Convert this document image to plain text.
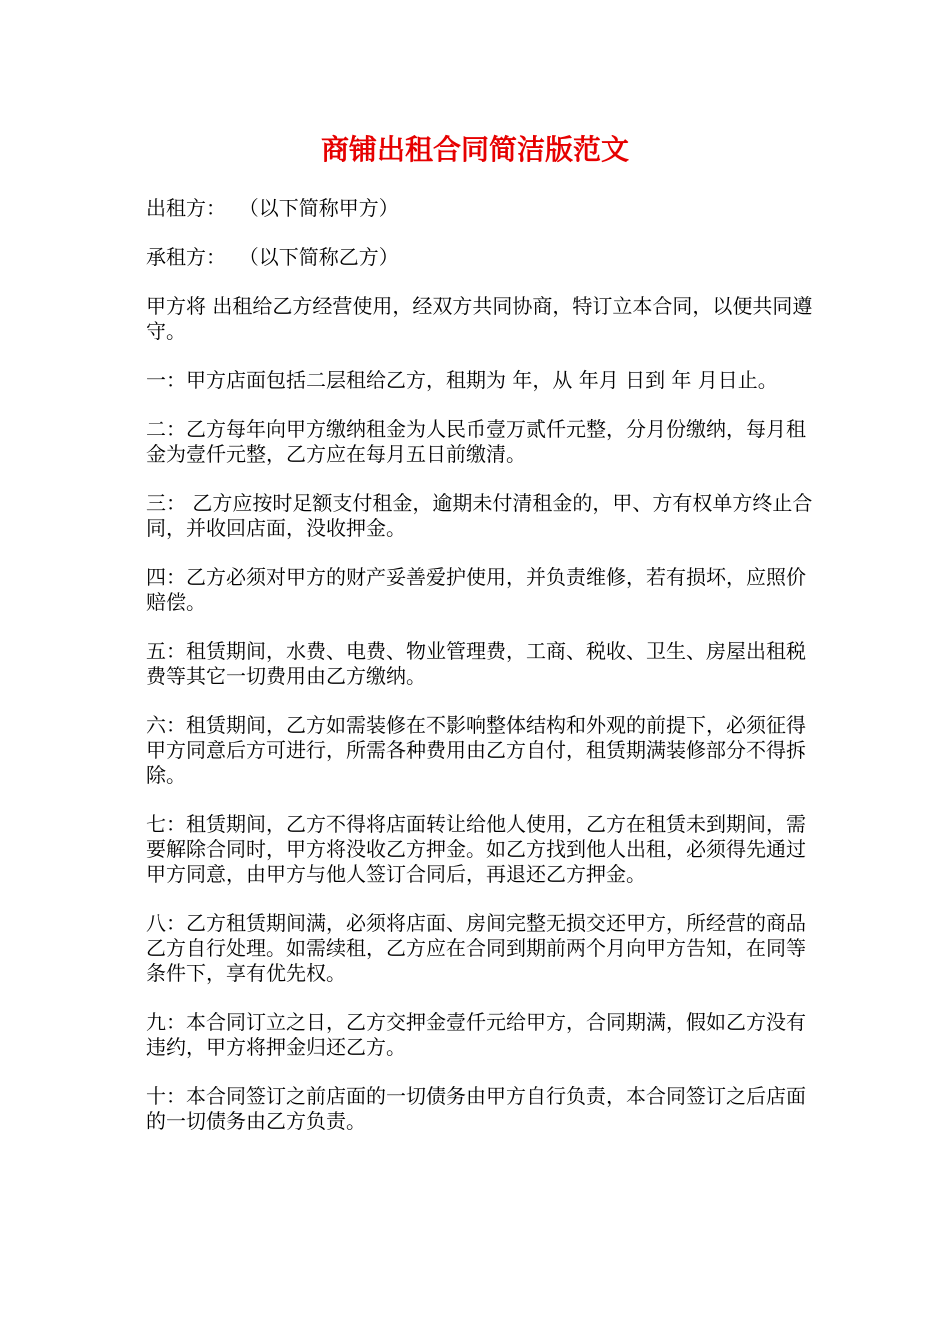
商铺出租合同简洁版范文

出租方：  （以下简称甲方）

承租方：  （以下简称乙方）

甲方将 出租给乙方经营使用，经双方共同协商，特订立本合同，以便共同遵守。

一：甲方店面包括二层租给乙方，租期为 年，从 年月 日到 年 月日止。

二：乙方每年向甲方缴纳租金为人民币壹万贰仟元整，分月份缴纳，每月租金为壹仟元整，乙方应在每月五日前缴清。

三： 乙方应按时足额支付租金，逾期未付清租金的，甲、方有权单方终止合同，并收回店面，没收押金。

四：乙方必须对甲方的财产妥善爱护使用，并负责维修，若有损坏，应照价赔偿。

五：租赁期间，水费、电费、物业管理费，工商、税收、卫生、房屋出租税费等其它一切费用由乙方缴纳。

六：租赁期间，乙方如需装修在不影响整体结构和外观的前提下，必须征得甲方同意后方可进行，所需各种费用由乙方自付，租赁期满装修部分不得拆除。

七：租赁期间，乙方不得将店面转让给他人使用，乙方在租赁未到期间，需要解除合同时，甲方将没收乙方押金。如乙方找到他人出租，必须得先通过甲方同意，由甲方与他人签订合同后，再退还乙方押金。

八：乙方租赁期间满，必须将店面、房间完整无损交还甲方，所经营的商品乙方自行处理。如需续租，乙方应在合同到期前两个月向甲方告知，在同等条件下，享有优先权。

九：本合同订立之日，乙方交押金壹仟元给甲方，合同期满，假如乙方没有违约，甲方将押金归还乙方。

十：本合同签订之前店面的一切债务由甲方自行负责，本合同签订之后店面的一切债务由乙方负责。
